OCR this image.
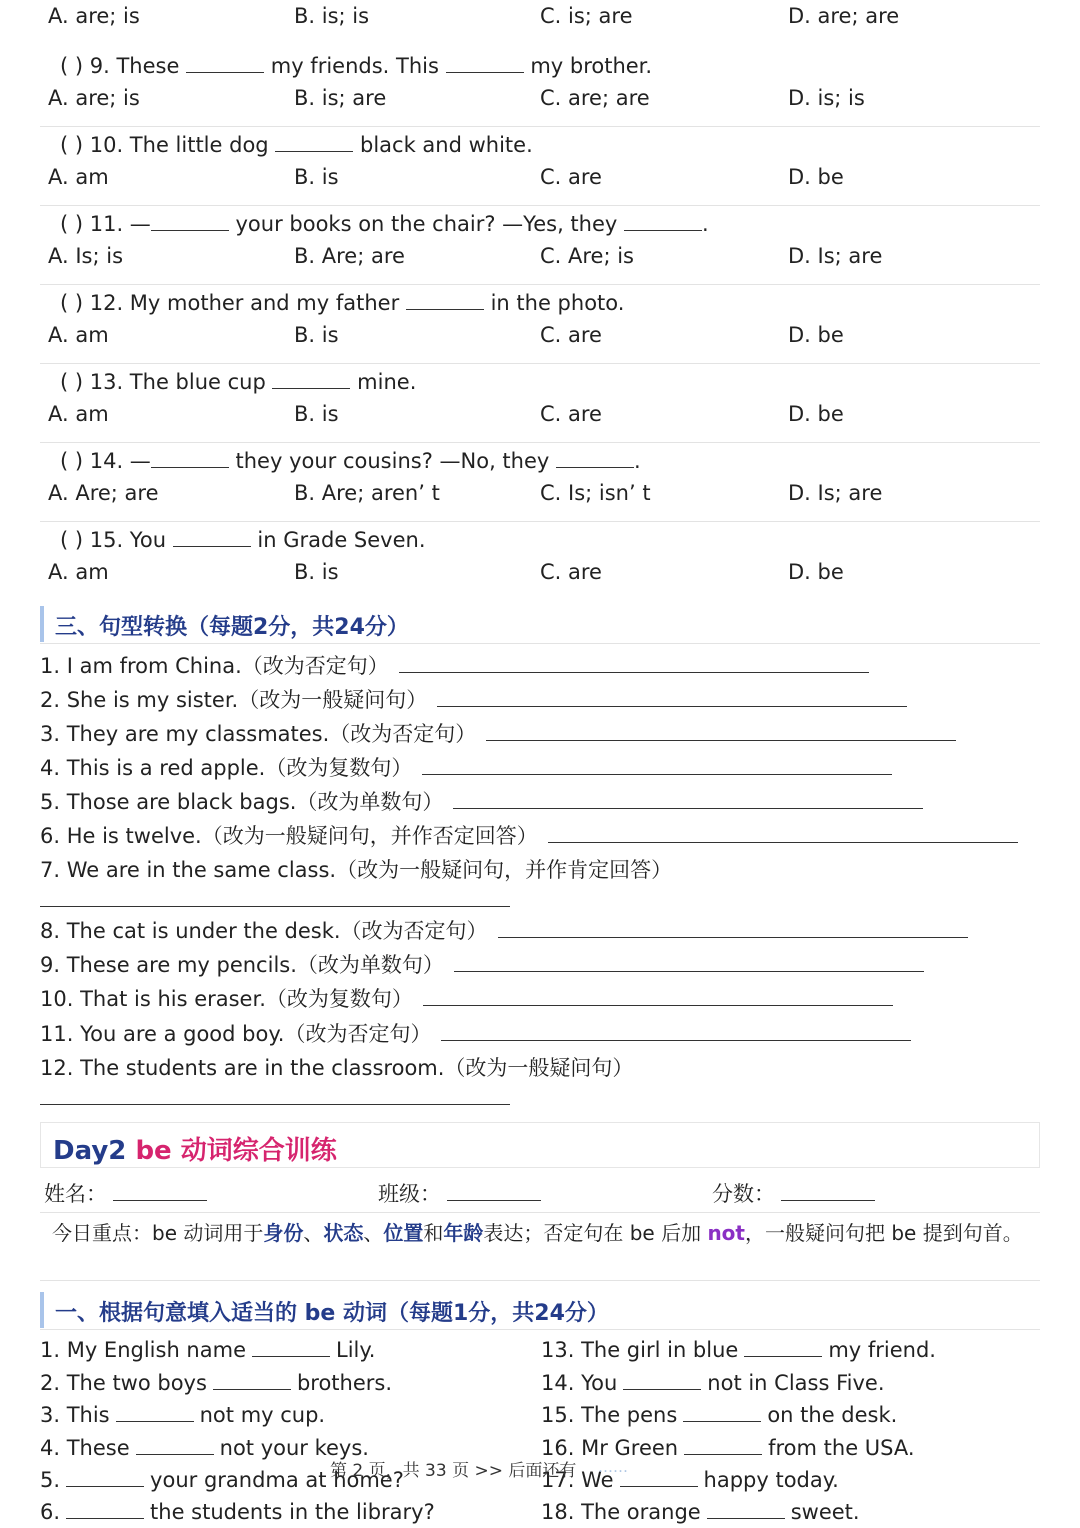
A. are; is	B. is; is	C. is; are	D. are; are
( ) 9. These	my friends. This	my brother.
A. are; is	B. is; are	C. are; are	D. is; is
( ) 10. The little dog	black and white.
A. am	B. is	C. are	D. be
( ) 11. —	your books on the chair? —Yes, they	.
A. Is; is	B. Are; are	C. Are; is	D. Is; are
( ) 12. My mother and my father	in the photo.
A. am	B. is	C. are	D. be
( ) 13. The blue cup	mine.
A. am	B. is	C. are	D. be
( ) 14. —	they your cousins? —No, they	.
A. Are; are	B. Are; aren’ t	C. Is; isn’ t	D. Is; are
( ) 15. You	in Grade Seven.
A. am	B. is	C. are	D. be
三、句型转换（每题2分，共24分）
1. I am from China.（改为否定句）
2. She is my sister.（改为一般疑问句）
3. They are my classmates.（改为否定句）
4. This is a red apple.（改为复数句）
5. Those are black bags.（改为单数句）
6. He is twelve.（改为一般疑问句，并作否定回答）
7. We are in the same class.（改为一般疑问句，并作肯定回答）
8. The cat is under the desk.（改为否定句）
9. These are my pencils.（改为单数句）
10. That is his eraser.（改为复数句）
11. You are a good boy.（改为否定句）
12. The students are in the classroom.（改为一般疑问句）
Day2 be 动词综合训练
姓名：	班级：	分数：
今日重点：be 动词用于身份、状态、位置和年龄表达；否定句在 be 后加 not，一般疑问句把 be 提到句首。
一、根据句意填入适当的 be 动词（每题1分，共24分）
1. My English name	Lily.
2. The two boys	brothers.
3. This	not my cup.
4. These	not your keys.
5.	your grandma at home?
6.	the students in the library?
13. The girl in blue	my friend.
14. You	not in Class Five.
15. The pens	on the desk.
16. Mr Green	from the USA.
17. We	happy today.
18. The orange	sweet.
第 2 页，共 33 页 >> 后面还有 ……
